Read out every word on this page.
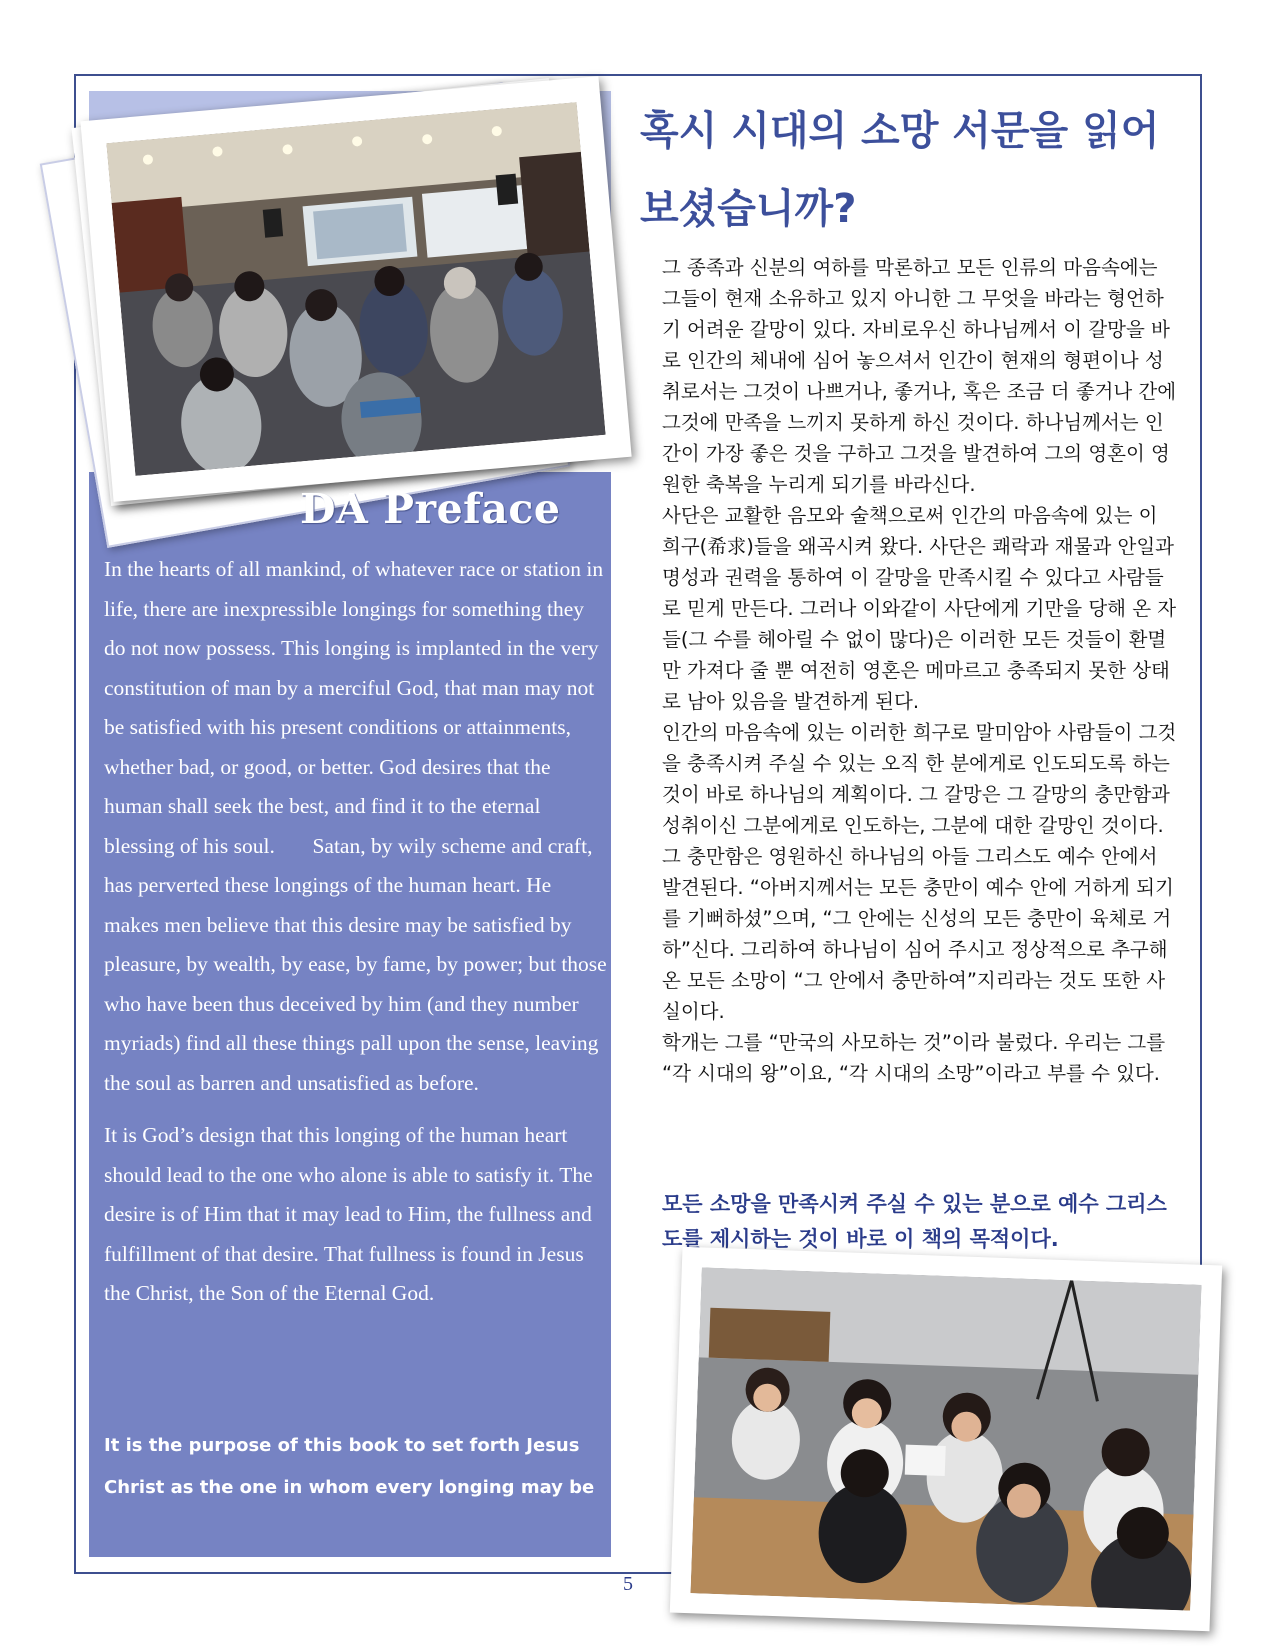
혹시 시대의 소망 서문을 읽어 보셨습니까?

그 종족과 신분의 여하를 막론하고 모든 인류의 마음속에는 그들이 현재 소유하고 있지 아니한 그 무엇을 바라는 형언하기 어려운 갈망이 있다. 자비로우신 하나님께서 이 갈망을 바로 인간의 체내에 심어 놓으셔서 인간이 현재의 형편이나 성취로서는 그것이 나쁘거나, 좋거나, 혹은 조금 더 좋거나 간에 그것에 만족을 느끼지 못하게 하신 것이다. 하나님께서는 인간이 가장 좋은 것을 구하고 그것을 발견하여 그의 영혼이 영원한 축복을 누리게 되기를 바라신다.

사단은 교활한 음모와 술책으로써 인간의 마음속에 있는 이 희구(希求)들을 왜곡시켜 왔다. 사단은 쾌락과 재물과 안일과 명성과 권력을 통하여 이 갈망을 만족시킬 수 있다고 사람들로 믿게 만든다. 그러나 이와같이 사단에게 기만을 당해 온 자들(그 수를 헤아릴 수 없이 많다)은 이러한 모든 것들이 환멸만 가져다 줄 뿐 여전히 영혼은 메마르고 충족되지 못한 상태로 남아 있음을 발견하게 된다.

인간의 마음속에 있는 이러한 희구로 말미암아 사람들이 그것을 충족시켜 주실 수 있는 오직 한 분에게로 인도되도록 하는 것이 바로 하나님의 계획이다. 그 갈망은 그 갈망의 충만함과 성취이신 그분에게로 인도하는, 그분에 대한 갈망인 것이다. 그 충만함은 영원하신 하나님의 아들 그리스도 예수 안에서 발견된다. “아버지께서는 모든 충만이 예수 안에 거하게 되기를 기뻐하셨”으며, “그 안에는 신성의 모든 충만이 육체로 거하”신다. 그리하여 하나님이 심어 주시고 정상적으로 추구해 온 모든 소망이 “그 안에서 충만하여”지리라는 것도 또한 사실이다.

학개는 그를 “만국의 사모하는 것”이라 불렀다. 우리는 그를 “각 시대의 왕”이요, “각 시대의 소망”이라고 부를 수 있다.

모든 소망을 만족시켜 주실 수 있는 분으로 예수 그리스도를 제시하는 것이 바로 이 책의 목적이다.
DA Preface

In the hearts of all mankind, of whatever race or station in life, there are inexpressible longings for something they do not now possess. This longing is implanted in the very constitution of man by a merciful God, that man may not be satisfied with his present conditions or attainments, whether bad, or good, or better. God desires that the human shall seek the best, and find it to the eternal blessing of his soul.       Satan, by wily scheme and craft, has perverted these longings of the human heart. He makes men believe that this desire may be satisfied by pleasure, by wealth, by ease, by fame, by power; but those who have been thus deceived by him (and they number myriads) find all these things pall upon the sense, leaving the soul as barren and unsatisfied as before.

It is God’s design that this longing of the human heart should lead to the one who alone is able to satisfy it. The desire is of Him that it may lead to Him, the fullness and fulfillment of that desire. That fullness is found in Jesus the Christ, the Son of the Eternal God.

It is the purpose of this book to set forth Jesus Christ as the one in whom every longing may be
5
